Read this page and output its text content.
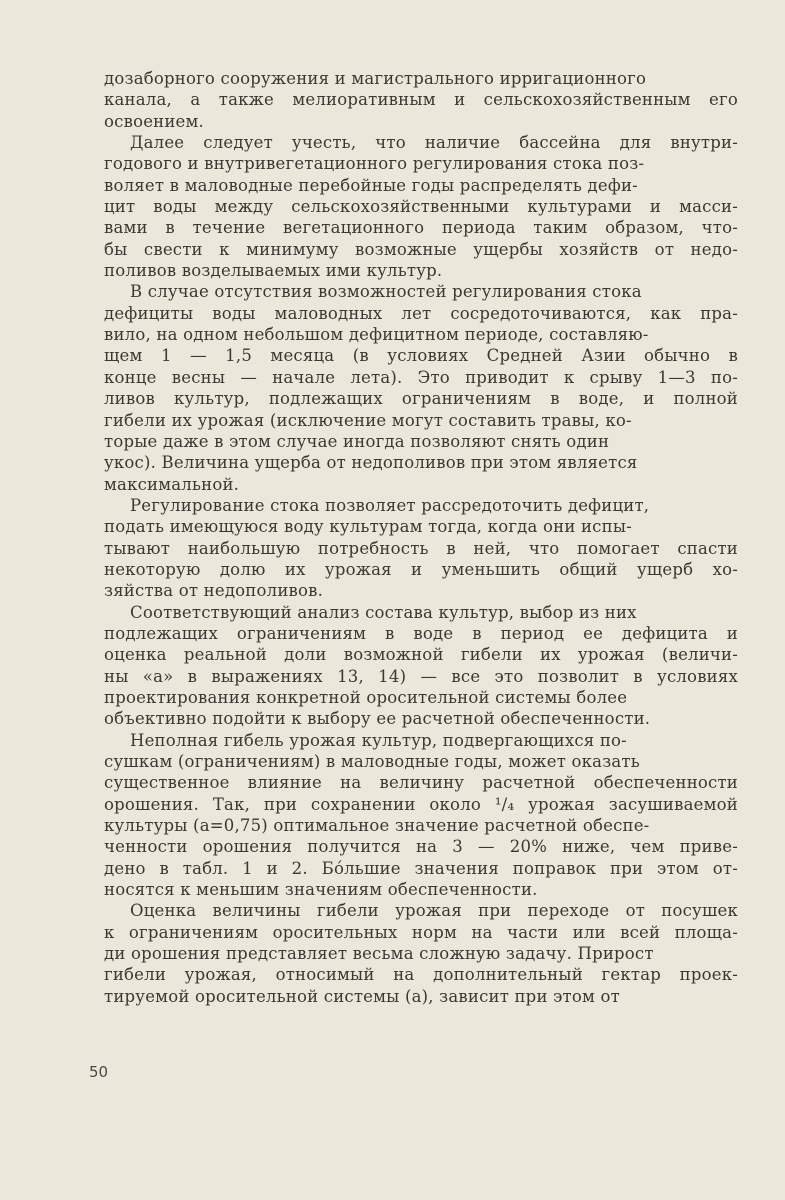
дозаборного сооружения и магистрального ирригационного
канала, а также мелиоративным и сельскохозяйственным его
освоением.
Далее следует учесть, что наличие бассейна для внутри-
годового и внутривегетационного регулирования стока поз-
воляет в маловодные перебойные годы распределять дефи-
цит воды между сельскохозяйственными культурами и масси-
вами в течение вегетационного периода таким образом, что-
бы свести к минимуму возможные ущербы хозяйств от недо-
поливов возделываемых ими культур.
В случае отсутствия возможностей регулирования стока
дефициты воды маловодных лет сосредоточиваются, как пра-
вило, на одном небольшом дефицитном периоде, составляю-
щем 1 — 1,5 месяца (в условиях Средней Азии обычно в
конце весны — начале лета). Это приводит к срыву 1—3 по-
ливов культур, подлежащих ограничениям в воде, и полной
гибели их урожая (исключение могут составить травы, ко-
торые даже в этом случае иногда позволяют снять один
укос). Величина ущерба от недополивов при этом является
максимальной.
Регулирование стока позволяет рассредоточить дефицит,
подать имеющуюся воду культурам тогда, когда они испы-
тывают наибольшую потребность в ней, что помогает спасти
некоторую долю их урожая и уменьшить общий ущерб хо-
зяйства от недополивов.
Соответствующий анализ состава культур, выбор из них
подлежащих ограничениям в воде в период ее дефицита и
оценка реальной доли возможной гибели их урожая (величи-
ны «a» в выражениях 13, 14) — все это позволит в условиях
проектирования конкретной оросительной системы более
объективно подойти к выбору ее расчетной обеспеченности.
Неполная гибель урожая культур, подвергающихся по-
сушкам (ограничениям) в маловодные годы, может оказать
существенное влияние на величину расчетной обеспеченности
орошения. Так, при сохранении около ¹/₄ урожая засушиваемой
культуры (a=0,75) оптимальное значение расчетной обеспе-
ченности орошения получится на 3 — 20% ниже, чем приве-
дено в табл. 1 и 2. Бо́льшие значения поправок при этом от-
носятся к меньшим значениям обеспеченности.
Оценка величины гибели урожая при переходе от посушек
к ограничениям оросительных норм на части или всей площа-
ди орошения представляет весьма сложную задачу. Прирост
гибели урожая, относимый на дополнительный гектар проек-
тируемой оросительной системы (a), зависит при этом от
50
